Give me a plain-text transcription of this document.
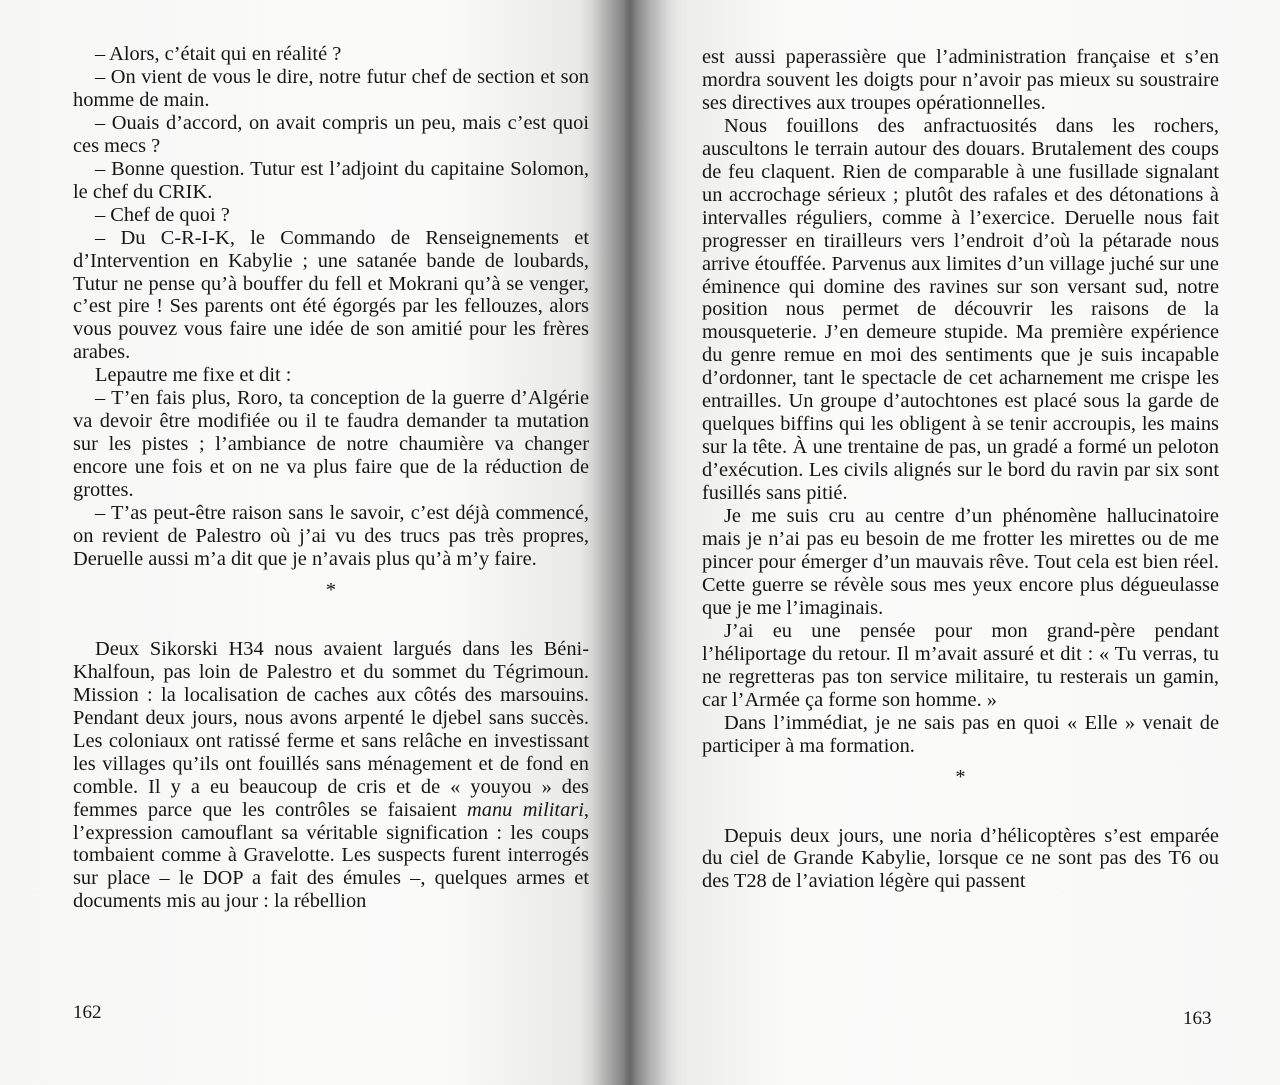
– Alors, c’était qui en réalité ?

– On vient de vous le dire, notre futur chef de section et son homme de main.

– Ouais d’accord, on avait compris un peu, mais c’est quoi ces mecs ?

– Bonne question. Tutur est l’adjoint du capitaine Solomon, le chef du CRIK.

– Chef de quoi ?

– Du C-R-I-K, le Commando de Renseignements et d’Intervention en Kabylie ; une satanée bande de loubards, Tutur ne pense qu’à bouffer du fell et Mokrani qu’à se venger, c’est pire ! Ses parents ont été égorgés par les fellouzes, alors vous pouvez vous faire une idée de son amitié pour les frères arabes.

Lepautre me fixe et dit :

– T’en fais plus, Roro, ta conception de la guerre d’Algérie va devoir être modifiée ou il te faudra demander ta mutation sur les pistes ; l’ambiance de notre chaumière va changer encore une fois et on ne va plus faire que de la réduction de grottes.

– T’as peut-être raison sans le savoir, c’est déjà commencé, on revient de Palestro où j’ai vu des trucs pas très propres, Deruelle aussi m’a dit que je n’avais plus qu’à m’y faire.

*

Deux Sikorski H34 nous avaient largués dans les Béni-Khalfoun, pas loin de Palestro et du sommet du Tégrimoun. Mission : la localisation de caches aux côtés des marsouins. Pendant deux jours, nous avons arpenté le djebel sans succès. Les coloniaux ont ratissé ferme et sans relâche en investissant les villages qu’ils ont fouillés sans ménagement et de fond en comble. Il y a eu beaucoup de cris et de « youyou » des femmes parce que les contrôles se faisaient manu militari, l’expression camouflant sa véritable signification : les coups tombaient comme à Gravelotte. Les suspects furent interrogés sur place – le DOP a fait des émules –, quelques armes et documents mis au jour : la rébellion

162

est aussi paperassière que l’administration française et s’en mordra souvent les doigts pour n’avoir pas mieux su soustraire ses directives aux troupes opérationnelles.

Nous fouillons des anfractuosités dans les rochers, auscultons le terrain autour des douars. Brutalement des coups de feu claquent. Rien de comparable à une fusillade signalant un accrochage sérieux ; plutôt des rafales et des détonations à intervalles réguliers, comme à l’exercice. Deruelle nous fait progresser en tirailleurs vers l’endroit d’où la pétarade nous arrive étouffée. Parvenus aux limites d’un village juché sur une éminence qui domine des ravines sur son versant sud, notre position nous permet de découvrir les raisons de la mousqueterie. J’en demeure stupide. Ma première expérience du genre remue en moi des sentiments que je suis incapable d’ordonner, tant le spectacle de cet acharnement me crispe les entrailles. Un groupe d’autochtones est placé sous la garde de quelques biffins qui les obligent à se tenir accroupis, les mains sur la tête. À une trentaine de pas, un gradé a formé un peloton d’exécution. Les civils alignés sur le bord du ravin par six sont fusillés sans pitié.

Je me suis cru au centre d’un phénomène hallucinatoire mais je n’ai pas eu besoin de me frotter les mirettes ou de me pincer pour émerger d’un mauvais rêve. Tout cela est bien réel. Cette guerre se révèle sous mes yeux encore plus dégueulasse que je me l’imaginais.

J’ai eu une pensée pour mon grand-père pendant l’héliportage du retour. Il m’avait assuré et dit : « Tu verras, tu ne regretteras pas ton service militaire, tu resterais un gamin, car l’Armée ça forme son homme. »

Dans l’immédiat, je ne sais pas en quoi « Elle » venait de participer à ma formation.

*

Depuis deux jours, une noria d’hélicoptères s’est emparée du ciel de Grande Kabylie, lorsque ce ne sont pas des T6 ou des T28 de l’aviation légère qui passent

163
